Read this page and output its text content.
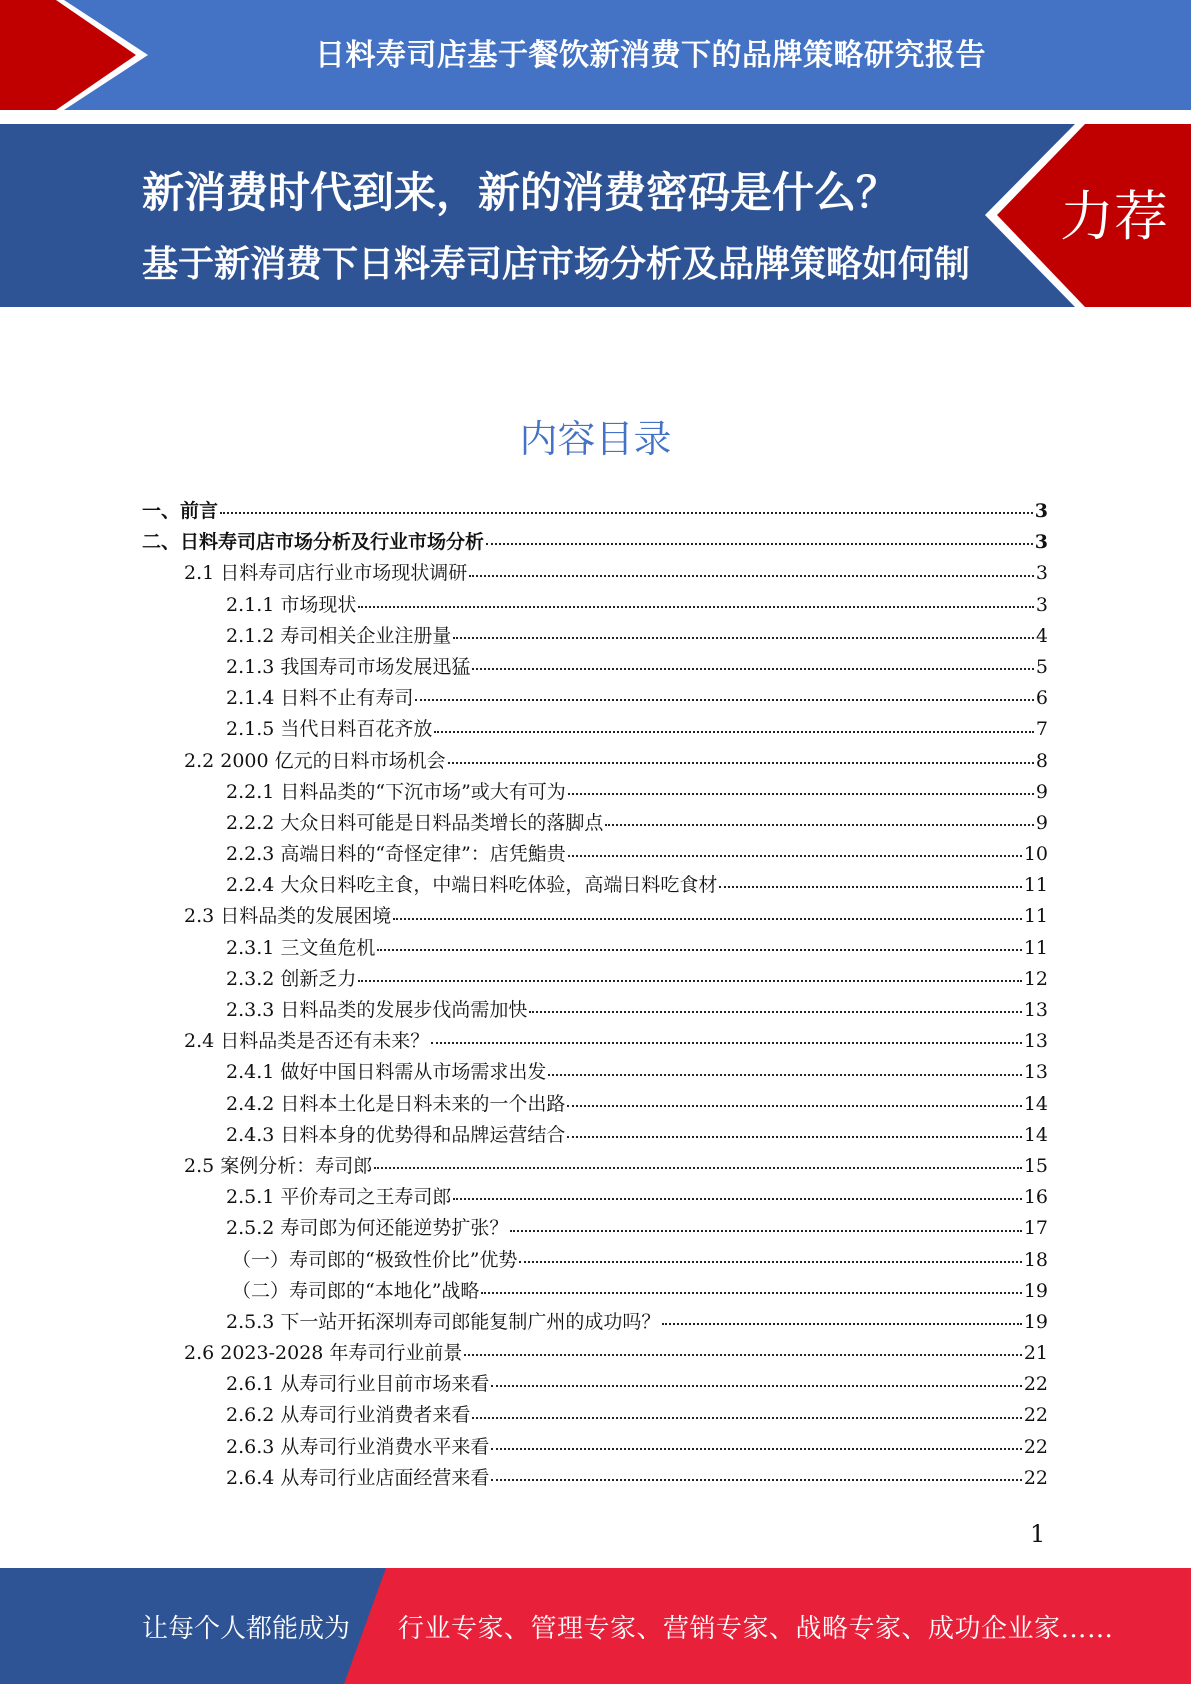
日料寿司店基于餐饮新消费下的品牌策略研究报告
新消费时代到来，新的消费密码是什么？
基于新消费下日料寿司店市场分析及品牌策略如何制定？？？
力荐
内容目录
一、前言	3
二、日料寿司店市场分析及行业市场分析	3
2.1 日料寿司店行业市场现状调研	3
2.1.1 市场现状	3
2.1.2 寿司相关企业注册量	4
2.1.3 我国寿司市场发展迅猛	5
2.1.4 日料不止有寿司	6
2.1.5 当代日料百花齐放	7
2.2 2000 亿元的日料市场机会	8
2.2.1 日料品类的“下沉市场”或大有可为	9
2.2.2 大众日料可能是日料品类增长的落脚点	9
2.2.3 高端日料的“奇怪定律”：店凭鮨贵	10
2.2.4 大众日料吃主食，中端日料吃体验，高端日料吃食材	11
2.3 日料品类的发展困境	11
2.3.1 三文鱼危机	11
2.3.2 创新乏力	12
2.3.3 日料品类的发展步伐尚需加快	13
2.4 日料品类是否还有未来？	13
2.4.1 做好中国日料需从市场需求出发	13
2.4.2 日料本土化是日料未来的一个出路	14
2.4.3 日料本身的优势得和品牌运营结合	14
2.5 案例分析：寿司郎	15
2.5.1 平价寿司之王寿司郎	16
2.5.2 寿司郎为何还能逆势扩张？	17
（一）寿司郎的“极致性价比”优势	18
（二）寿司郎的“本地化”战略	19
2.5.3 下一站开拓深圳寿司郎能复制广州的成功吗？	19
2.6 2023-2028 年寿司行业前景	21
2.6.1 从寿司行业目前市场来看	22
2.6.2 从寿司行业消费者来看	22
2.6.3 从寿司行业消费水平来看	22
2.6.4 从寿司行业店面经营来看	22
1
让每个人都能成为 行业专家、管理专家、营销专家、战略专家、成功企业家……
